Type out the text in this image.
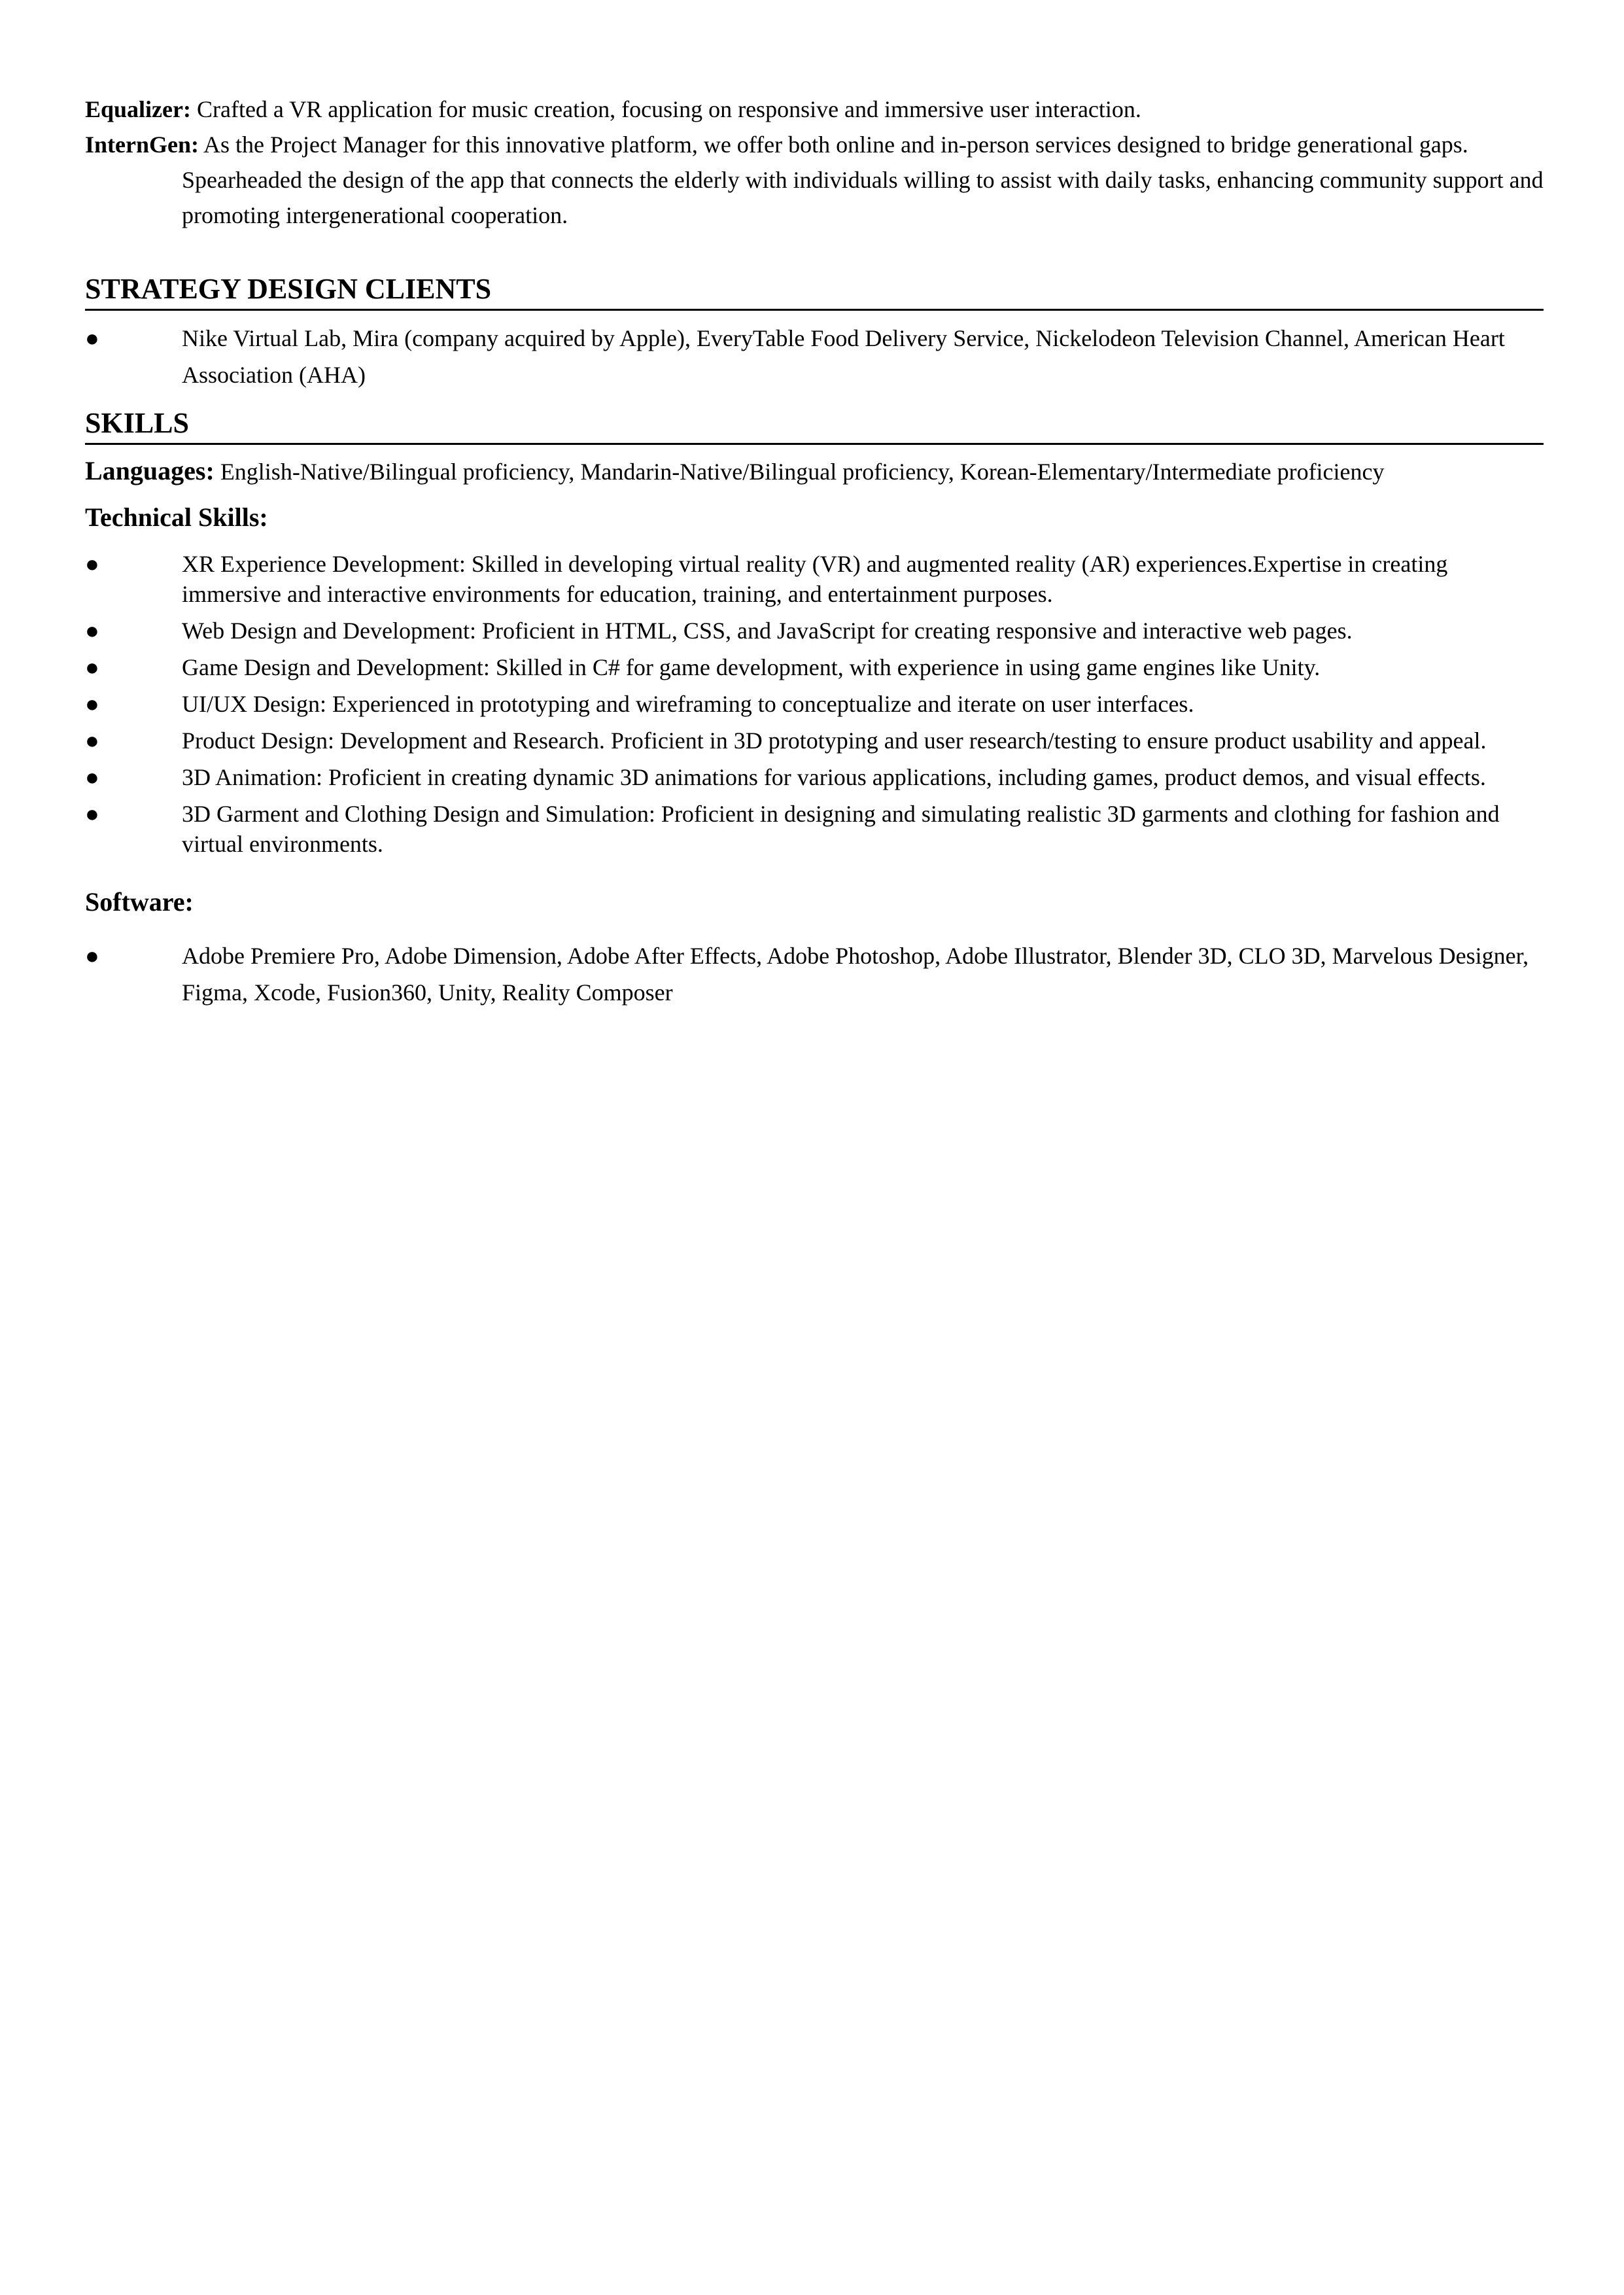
Equalizer: Crafted a VR application for music creation, focusing on responsive and immersive user interaction.

InternGen: As the Project Manager for this innovative platform, we offer both online and in-person services designed to bridge generational gaps. Spearheaded the design of the app that connects the elderly with individuals willing to assist with daily tasks, enhancing community support and promoting intergenerational cooperation.

STRATEGY DESIGN CLIENTS
●	Nike Virtual Lab, Mira (company acquired by Apple), EveryTable Food Delivery Service, Nickelodeon Television Channel, American Heart Association (AHA)
SKILLS

Languages: English-Native/Bilingual proficiency, Mandarin-Native/Bilingual proficiency, Korean-Elementary/Intermediate proficiency

Technical Skills:
●	XR Experience Development: Skilled in developing virtual reality (VR) and augmented reality (AR) experiences.Expertise in creating immersive and interactive environments for education, training, and entertainment purposes.
●	Web Design and Development: Proficient in HTML, CSS, and JavaScript for creating responsive and interactive web pages.
●	Game Design and Development: Skilled in C# for game development, with experience in using game engines like Unity.
●	UI/UX Design: Experienced in prototyping and wireframing to conceptualize and iterate on user interfaces.
●	Product Design: Development and Research. Proficient in 3D prototyping and user research/testing to ensure product usability and appeal.
●	3D Animation: Proficient in creating dynamic 3D animations for various applications, including games, product demos, and visual effects.
●	3D Garment and Clothing Design and Simulation: Proficient in designing and simulating realistic 3D garments and clothing for fashion and virtual environments.
Software:
●	Adobe Premiere Pro, Adobe Dimension, Adobe After Effects, Adobe Photoshop, Adobe Illustrator, Blender 3D, CLO 3D, Marvelous Designer, Figma, Xcode, Fusion360, Unity, Reality Composer
